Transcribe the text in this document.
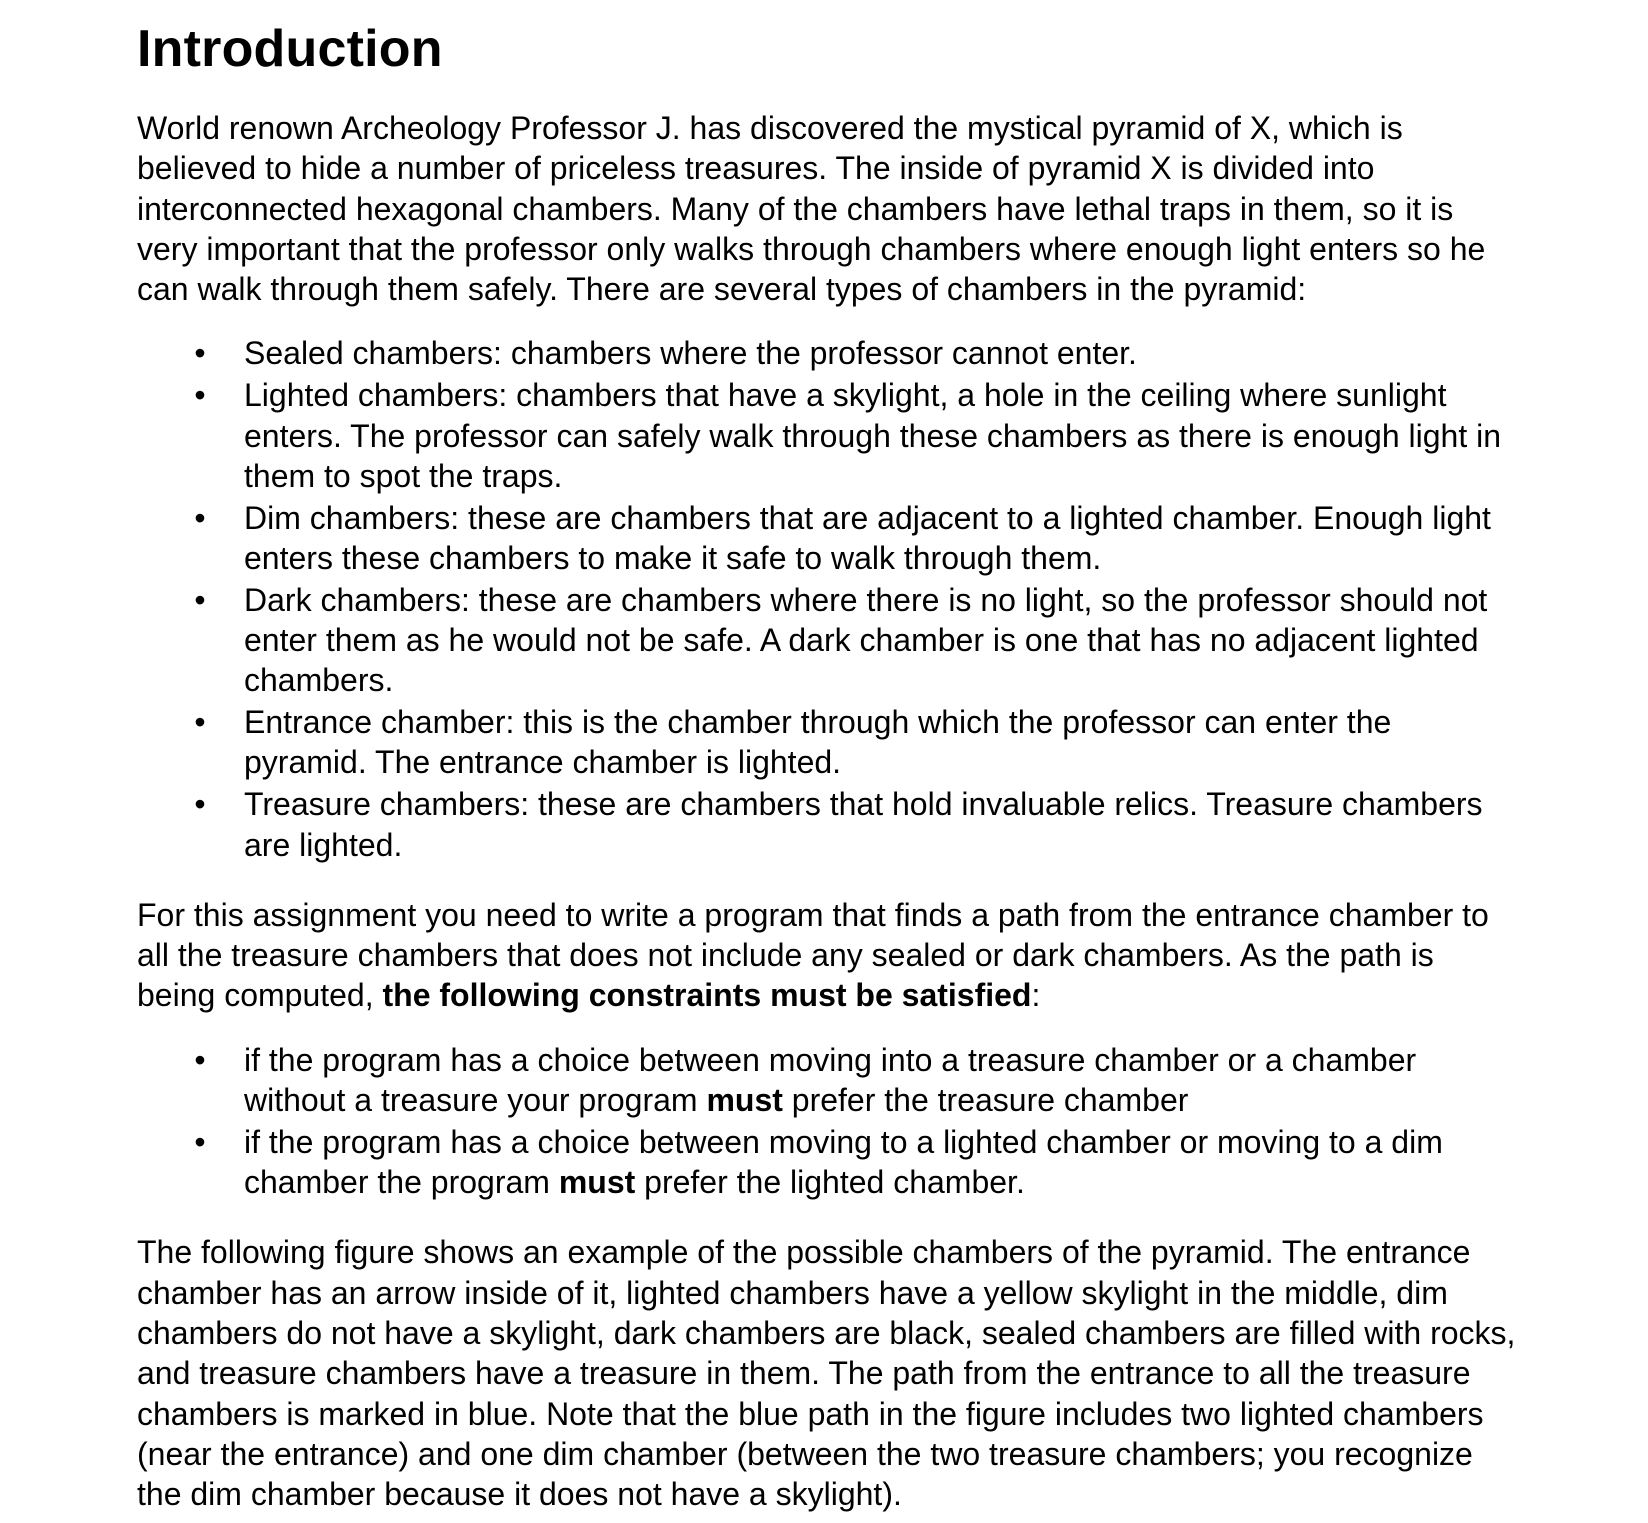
Introduction

World renown Archeology Professor J. has discovered the mystical pyramid of X, which is believed to hide a number of priceless treasures. The inside of pyramid X is divided into interconnected hexagonal chambers. Many of the chambers have lethal traps in them, so it is very important that the professor only walks through chambers where enough light enters so he can walk through them safely. There are several types of chambers in the pyramid:

• Sealed chambers: chambers where the professor cannot enter.
• Lighted chambers: chambers that have a skylight, a hole in the ceiling where sunlight enters. The professor can safely walk through these chambers as there is enough light in them to spot the traps.
• Dim chambers: these are chambers that are adjacent to a lighted chamber. Enough light enters these chambers to make it safe to walk through them.
• Dark chambers: these are chambers where there is no light, so the professor should not enter them as he would not be safe. A dark chamber is one that has no adjacent lighted chambers.
• Entrance chamber: this is the chamber through which the professor can enter the pyramid. The entrance chamber is lighted.
• Treasure chambers: these are chambers that hold invaluable relics. Treasure chambers are lighted.

For this assignment you need to write a program that finds a path from the entrance chamber to all the treasure chambers that does not include any sealed or dark chambers. As the path is being computed, the following constraints must be satisfied:

• if the program has a choice between moving into a treasure chamber or a chamber without a treasure your program must prefer the treasure chamber
• if the program has a choice between moving to a lighted chamber or moving to a dim chamber the program must prefer the lighted chamber.

The following figure shows an example of the possible chambers of the pyramid. The entrance chamber has an arrow inside of it, lighted chambers have a yellow skylight in the middle, dim chambers do not have a skylight, dark chambers are black, sealed chambers are filled with rocks, and treasure chambers have a treasure in them. The path from the entrance to all the treasure chambers is marked in blue. Note that the blue path in the figure includes two lighted chambers (near the entrance) and one dim chamber (between the two treasure chambers; you recognize the dim chamber because it does not have a skylight).
